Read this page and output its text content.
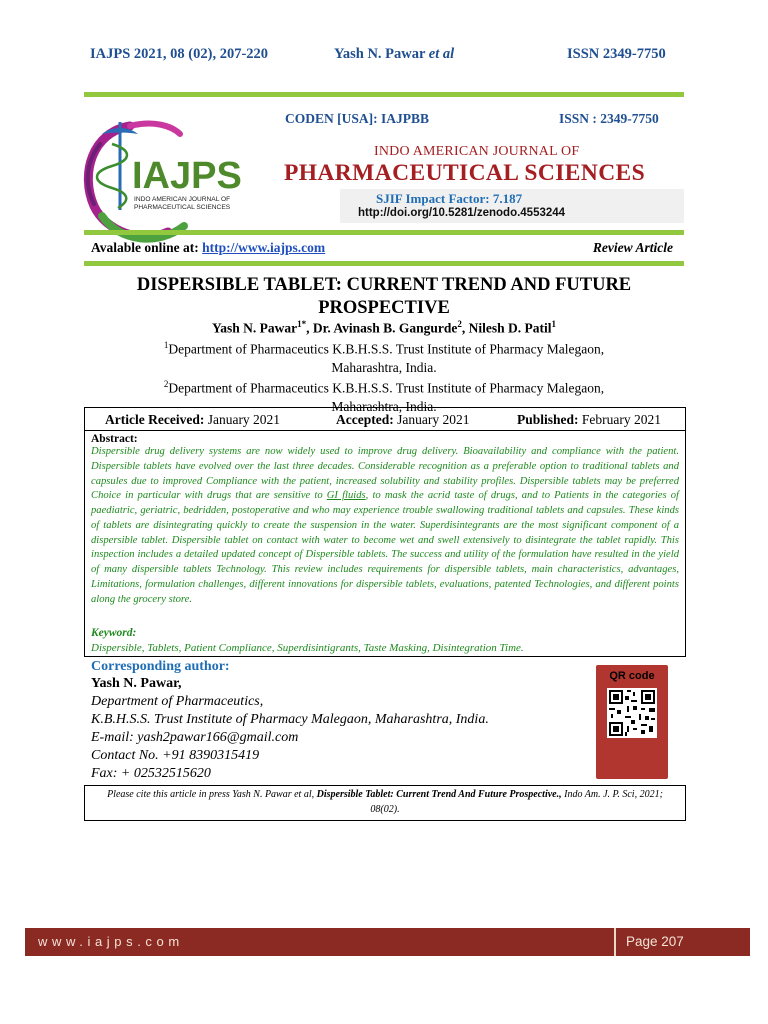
IAJPS 2021, 08 (02), 207-220	Yash N. Pawar et al	ISSN 2349-7750
IAJPS
INDO AMERICAN JOURNAL OF
PHARMACEUTICAL SCIENCES
CODEN [USA]: IAJPBB	ISSN : 2349-7750
INDO AMERICAN JOURNAL OF
PHARMACEUTICAL SCIENCES
SJIF Impact Factor: 7.187
http://doi.org/10.5281/zenodo.4553244
Avalable online at: http://www.iajps.com	Review Article
DISPERSIBLE TABLET: CURRENT TREND AND FUTURE
PROSPECTIVE
Yash N. Pawar$^{1*}$, Dr. Avinash B. Gangurde$^2$, Nilesh D. Patil$^1$
$^1$Department of Pharmaceutics K.B.H.S.S. Trust Institute of Pharmacy Malegaon,
Maharashtra, India.
$^2$Department of Pharmaceutics K.B.H.S.S. Trust Institute of Pharmacy Malegaon,
Maharashtra, India.
Article Received: January 2021	Accepted: January 2021	Published: February 2021
Abstract:
Dispersible drug delivery systems are now widely used to improve drug delivery. Bioavailability and compliance with the patient. Dispersible tablets have evolved over the last three decades. Considerable recognition as a preferable option to traditional tablets and capsules due to improved Compliance with the patient, increased solubility and stability profiles. Dispersible tablets may be preferred Choice in particular with drugs that are sensitive to GI fluids, to mask the acrid taste of drugs, and to Patients in the categories of paediatric, geriatric, bedridden, postoperative and who may experience trouble swallowing traditional tablets and capsules. These kinds of tablets are disintegrating quickly to create the suspension in the water. Superdisintegrants are the most significant component of a dispersible tablet. Dispersible tablet on contact with water to become wet and swell extensively to disintegrate the tablet rapidly. This inspection includes a detailed updated concept of Dispersible tablets. The success and utility of the formulation have resulted in the yield of many dispersible tablets Technology. This review includes requirements for dispersible tablets, main characteristics, advantages, Limitations, formulation challenges, different innovations for dispersible tablets, evaluations, patented Technologies, and different points along the grocery store.
Keyword:
Dispersible, Tablets, Patient Compliance, Superdisintigrants, Taste Masking, Disintegration Time.
Corresponding author:
Yash N. Pawar,
Department of Pharmaceutics,
K.B.H.S.S. Trust Institute of Pharmacy Malegaon, Maharashtra, India.
E-mail: yash2pawar166@gmail.com
Contact No. +91 8390315419
Fax: + 02532515620
QR code
Please cite this article in press Yash N. Pawar et al, Dispersible Tablet: Current Trend And Future Prospective., Indo Am. J. P. Sci, 2021; 08(02).
www.iajps.com	Page 207
